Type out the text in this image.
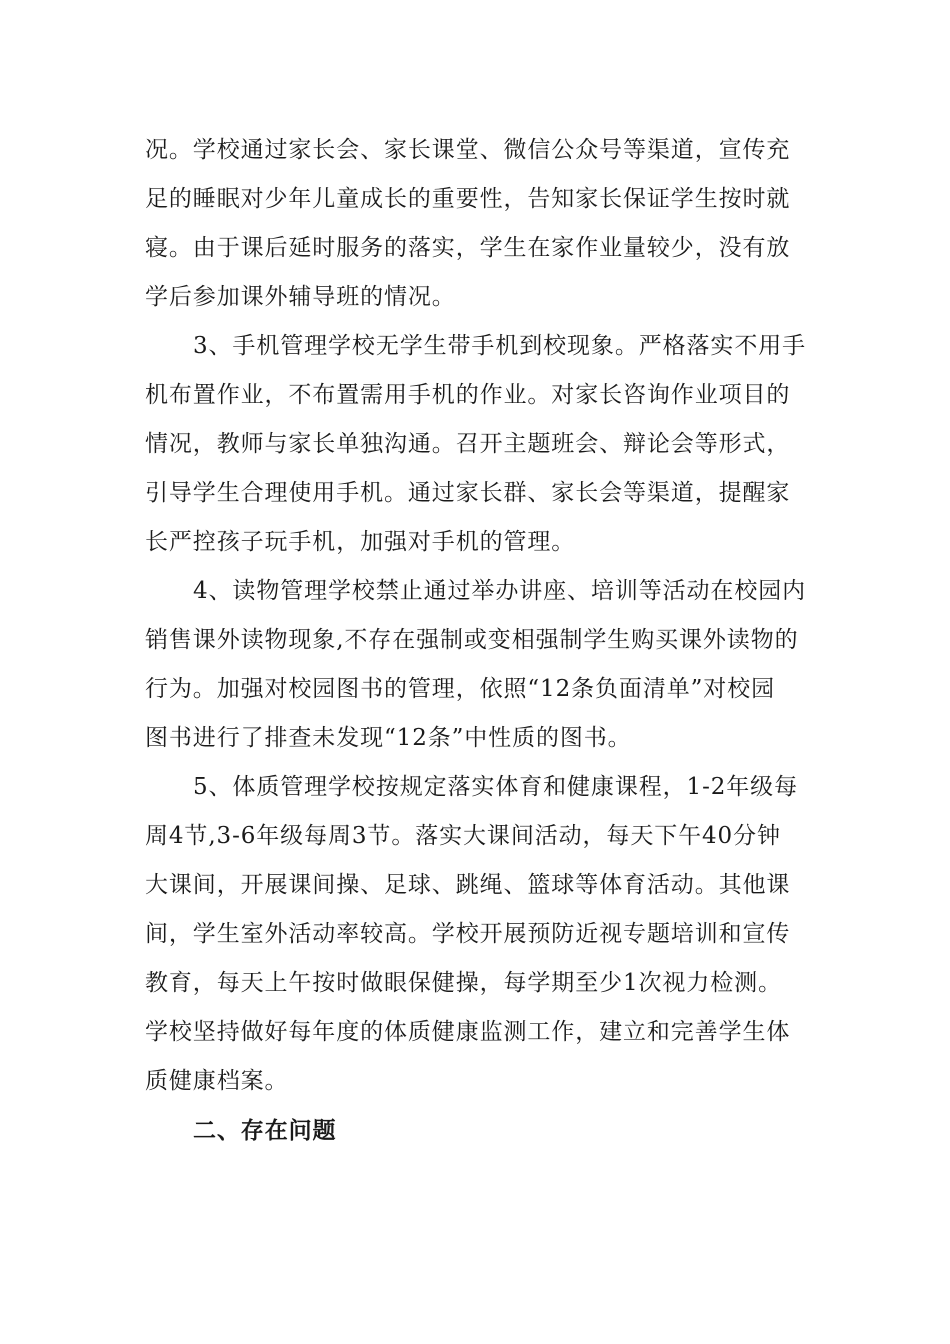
况。学校通过家长会、家长课堂、微信公众号等渠道，宣传充
足的睡眠对少年儿童成长的重要性，告知家长保证学生按时就
寝。由于课后延时服务的落实，学生在家作业量较少，没有放
学后参加课外辅导班的情况。
3、手机管理学校无学生带手机到校现象。严格落实不用手
机布置作业，不布置需用手机的作业。对家长咨询作业项目的
情况，教师与家长单独沟通。召开主题班会、辩论会等形式，
引导学生合理使用手机。通过家长群、家长会等渠道，提醒家
长严控孩子玩手机，加强对手机的管理。
4、读物管理学校禁止通过举办讲座、培训等活动在校园内
销售课外读物现象,不存在强制或变相强制学生购买课外读物的
行为。加强对校园图书的管理，依照“12条负面清单”对校园
图书进行了排查未发现“12条”中性质的图书。
5、体质管理学校按规定落实体育和健康课程，1-2年级每
周4节,3-6年级每周3节。落实大课间活动，每天下午40分钟
大课间，开展课间操、足球、跳绳、篮球等体育活动。其他课
间，学生室外活动率较高。学校开展预防近视专题培训和宣传
教育，每天上午按时做眼保健操，每学期至少1次视力检测。
学校坚持做好每年度的体质健康监测工作，建立和完善学生体
质健康档案。
二、存在问题
